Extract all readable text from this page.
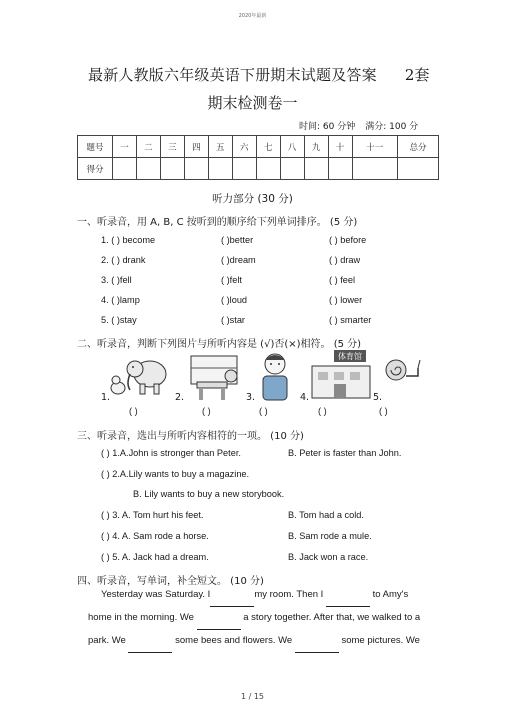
2020年最新
最新人教版六年级英语下册期末试题及答案 2套
期末检测卷一
时间: 60 分钟 满分: 100 分
题号	一	二	三	四	五	六	七	八	九	十	十一	总分
得分												
听力部分 (30 分)
一、听录音，用 A, B, C 按听到的顺序给下列单词排序。 (5 分)
1. ( ) become	( )better	( ) before
2. ( ) drank	( )dream	( ) draw
3. ( )fell	( )felt	( ) feel
4. ( )lamp	( )loud	( ) lower
5. ( )stay	( )star	( ) smarter
二、听录音，判断下列图片与所听内容是 (√)否(×)相符。 (5 分)
体育馆
1.	2.	3.	4.	5.
( )	( )	( )	( )	( )
三、听录音，选出与所听内容相符的一项。 (10 分)
( ) 1.A.John is stronger than Peter.	B. Peter is faster than John.
( ) 2.A.Lily wants to buy a magazine.
B. Lily wants to buy a new storybook.
( ) 3. A. Tom hurt his feet.	B. Tom had a cold.
( ) 4. A. Sam rode a horse.	B. Sam rode a mule.
( ) 5. A. Jack had a dream.	B. Jack won a race.
四、听录音，写单词，补全短文。 (10 分)
Yesterday was Saturday. I	my room. Then I	to Amy's
home in the morning. We	a story together. After that, we walked to a
park. We	some bees and flowers. We	some pictures. We
1 / 15
